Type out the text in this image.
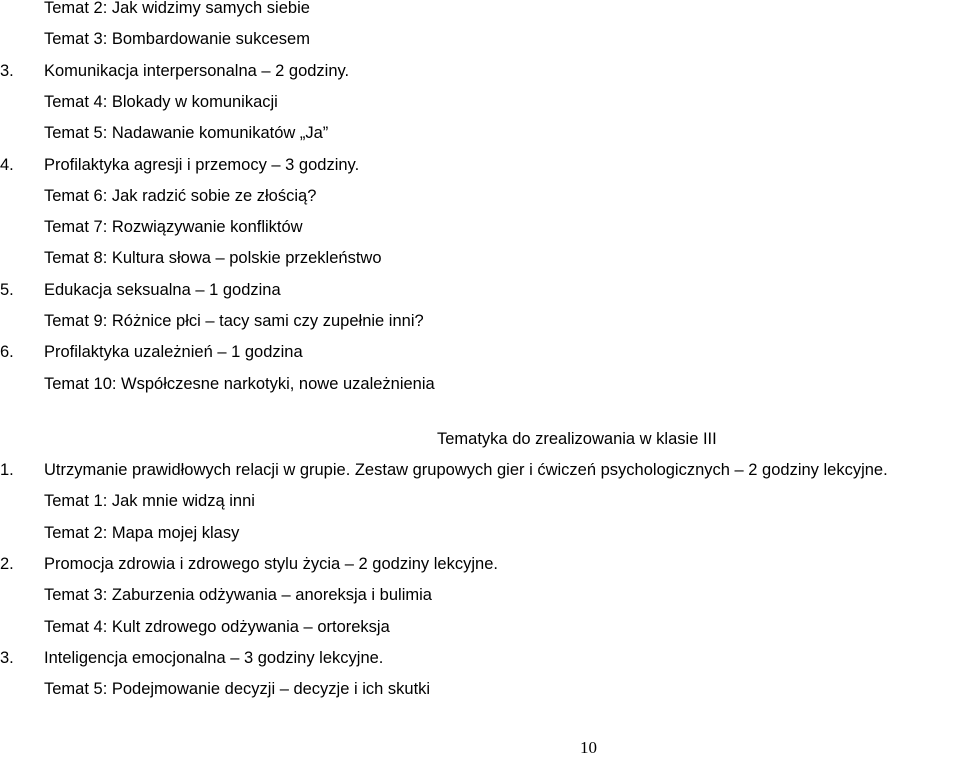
Temat 2: Jak widzimy samych siebie
Temat 3: Bombardowanie sukcesem
3. Komunikacja interpersonalna – 2 godziny.
Temat 4: Blokady w komunikacji
Temat 5: Nadawanie komunikatów „Ja”
4. Profilaktyka agresji i przemocy – 3 godziny.
Temat 6: Jak radzić sobie ze złością?
Temat 7: Rozwiązywanie konfliktów
Temat 8: Kultura słowa – polskie przekleństwo
5. Edukacja seksualna – 1 godzina
Temat 9: Różnice płci – tacy sami czy zupełnie inni?
6. Profilaktyka uzależnień – 1 godzina
Temat 10: Współczesne narkotyki, nowe uzależnienia
1. Utrzymanie prawidłowych relacji w grupie. Zestaw grupowych gier i ćwiczeń psychologicznych – 2 godziny lekcyjne.
Temat 1: Jak mnie widzą inni
Temat 2: Mapa mojej klasy
2. Promocja zdrowia i zdrowego stylu życia – 2 godziny lekcyjne.
Temat 3: Zaburzenia odżywania – anoreksja i bulimia
Temat 4: Kult zdrowego odżywania – ortoreksja
3. Inteligencja emocjonalna – 3 godziny lekcyjne.
Temat 5: Podejmowanie decyzji – decyzje i ich skutki
Tematyka do zrealizowania w klasie III
10
